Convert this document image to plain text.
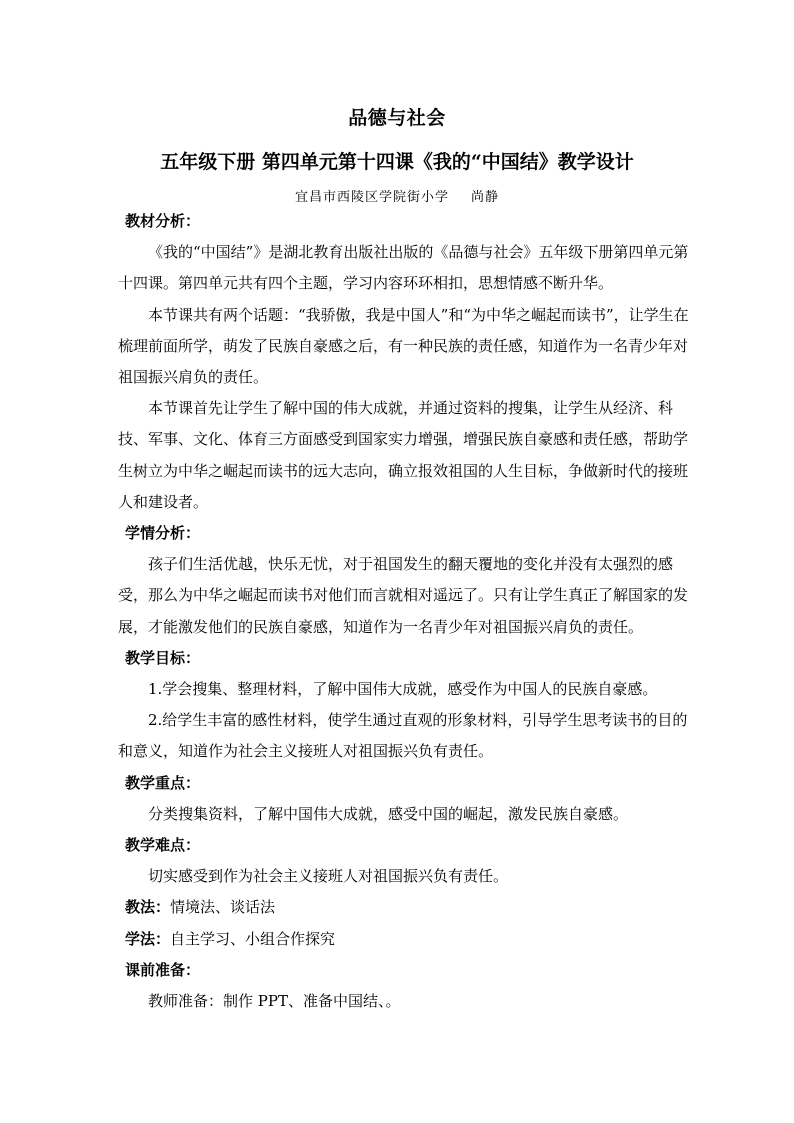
品德与社会
五年级下册 第四单元第十四课《我的“中国结》教学设计
宜昌市西陵区学院街小学 尚静

教材分析：

《我的“中国结”》是湖北教育出版社出版的《品德与社会》五年级下册第四单元第十四课。第四单元共有四个主题，学习内容环环相扣，思想情感不断升华。

本节课共有两个话题：“我骄傲，我是中国人”和“为中华之崛起而读书”，让学生在梳理前面所学，萌发了民族自豪感之后，有一种民族的责任感，知道作为一名青少年对祖国振兴肩负的责任。

本节课首先让学生了解中国的伟大成就，并通过资料的搜集，让学生从经济、科技、军事、文化、体育三方面感受到国家实力增强，增强民族自豪感和责任感，帮助学生树立为中华之崛起而读书的远大志向，确立报效祖国的人生目标，争做新时代的接班人和建设者。

学情分析：

孩子们生活优越，快乐无忧，对于祖国发生的翻天覆地的变化并没有太强烈的感受，那么为中华之崛起而读书对他们而言就相对遥远了。只有让学生真正了解国家的发展，才能激发他们的民族自豪感，知道作为一名青少年对祖国振兴肩负的责任。

教学目标：

1.学会搜集、整理材料，了解中国伟大成就，感受作为中国人的民族自豪感。

2.给学生丰富的感性材料，使学生通过直观的形象材料，引导学生思考读书的目的和意义，知道作为社会主义接班人对祖国振兴负有责任。

教学重点：

分类搜集资料，了解中国伟大成就，感受中国的崛起，激发民族自豪感。

教学难点：

切实感受到作为社会主义接班人对祖国振兴负有责任。

教法：情境法、谈话法

学法：自主学习、小组合作探究

课前准备：

教师准备：制作 PPT、准备中国结、。
